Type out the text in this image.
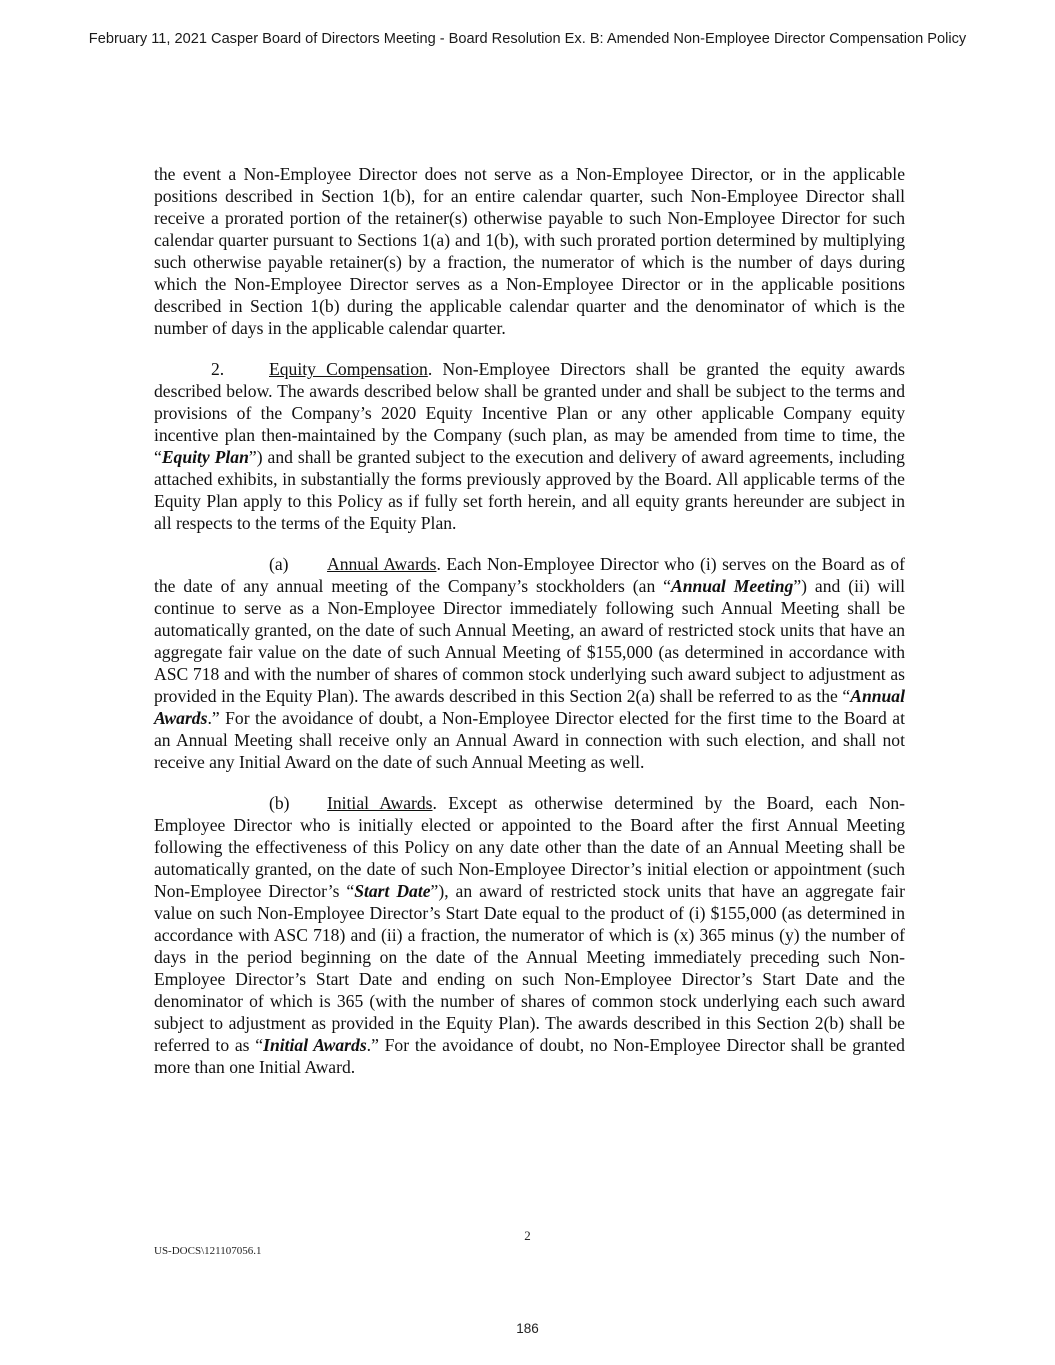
February 11, 2021 Casper Board of Directors Meeting - Board Resolution Ex. B: Amended Non-Employee Director Compensation Policy

the event a Non-Employee Director does not serve as a Non-Employee Director, or in the applicable positions described in Section 1(b), for an entire calendar quarter, such Non-Employee Director shall receive a prorated portion of the retainer(s) otherwise payable to such Non-Employee Director for such calendar quarter pursuant to Sections 1(a) and 1(b), with such prorated portion determined by multiplying such otherwise payable retainer(s) by a fraction, the numerator of which is the number of days during which the Non-Employee Director serves as a Non-Employee Director or in the applicable positions described in Section 1(b) during the applicable calendar quarter and the denominator of which is the number of days in the applicable calendar quarter.

2.	Equity Compensation. Non-Employee Directors shall be granted the equity awards described below. The awards described below shall be granted under and shall be subject to the terms and provisions of the Company’s 2020 Equity Incentive Plan or any other applicable Company equity incentive plan then-maintained by the Company (such plan, as may be amended from time to time, the “Equity Plan”) and shall be granted subject to the execution and delivery of award agreements, including attached exhibits, in substantially the forms previously approved by the Board. All applicable terms of the Equity Plan apply to this Policy as if fully set forth herein, and all equity grants hereunder are subject in all respects to the terms of the Equity Plan.

(a) Annual Awards. Each Non-Employee Director who (i) serves on the Board as of the date of any annual meeting of the Company’s stockholders (an “Annual Meeting”) and (ii) will continue to serve as a Non-Employee Director immediately following such Annual Meeting shall be automatically granted, on the date of such Annual Meeting, an award of restricted stock units that have an aggregate fair value on the date of such Annual Meeting of $155,000 (as determined in accordance with ASC 718 and with the number of shares of common stock underlying such award subject to adjustment as provided in the Equity Plan). The awards described in this Section 2(a) shall be referred to as the “Annual Awards.” For the avoidance of doubt, a Non-Employee Director elected for the first time to the Board at an Annual Meeting shall receive only an Annual Award in connection with such election, and shall not receive any Initial Award on the date of such Annual Meeting as well.

(b) Initial Awards. Except as otherwise determined by the Board, each Non-Employee Director who is initially elected or appointed to the Board after the first Annual Meeting following the effectiveness of this Policy on any date other than the date of an Annual Meeting shall be automatically granted, on the date of such Non-Employee Director’s initial election or appointment (such Non-Employee Director’s “Start Date”), an award of restricted stock units that have an aggregate fair value on such Non-Employee Director’s Start Date equal to the product of (i) $155,000 (as determined in accordance with ASC 718) and (ii) a fraction, the numerator of which is (x) 365 minus (y) the number of days in the period beginning on the date of the Annual Meeting immediately preceding such Non-Employee Director’s Start Date and ending on such Non-Employee Director’s Start Date and the denominator of which is 365 (with the number of shares of common stock underlying each such award subject to adjustment as provided in the Equity Plan). The awards described in this Section 2(b) shall be referred to as “Initial Awards.” For the avoidance of doubt, no Non-Employee Director shall be granted more than one Initial Award.

2
US-DOCS\121107056.1
186
